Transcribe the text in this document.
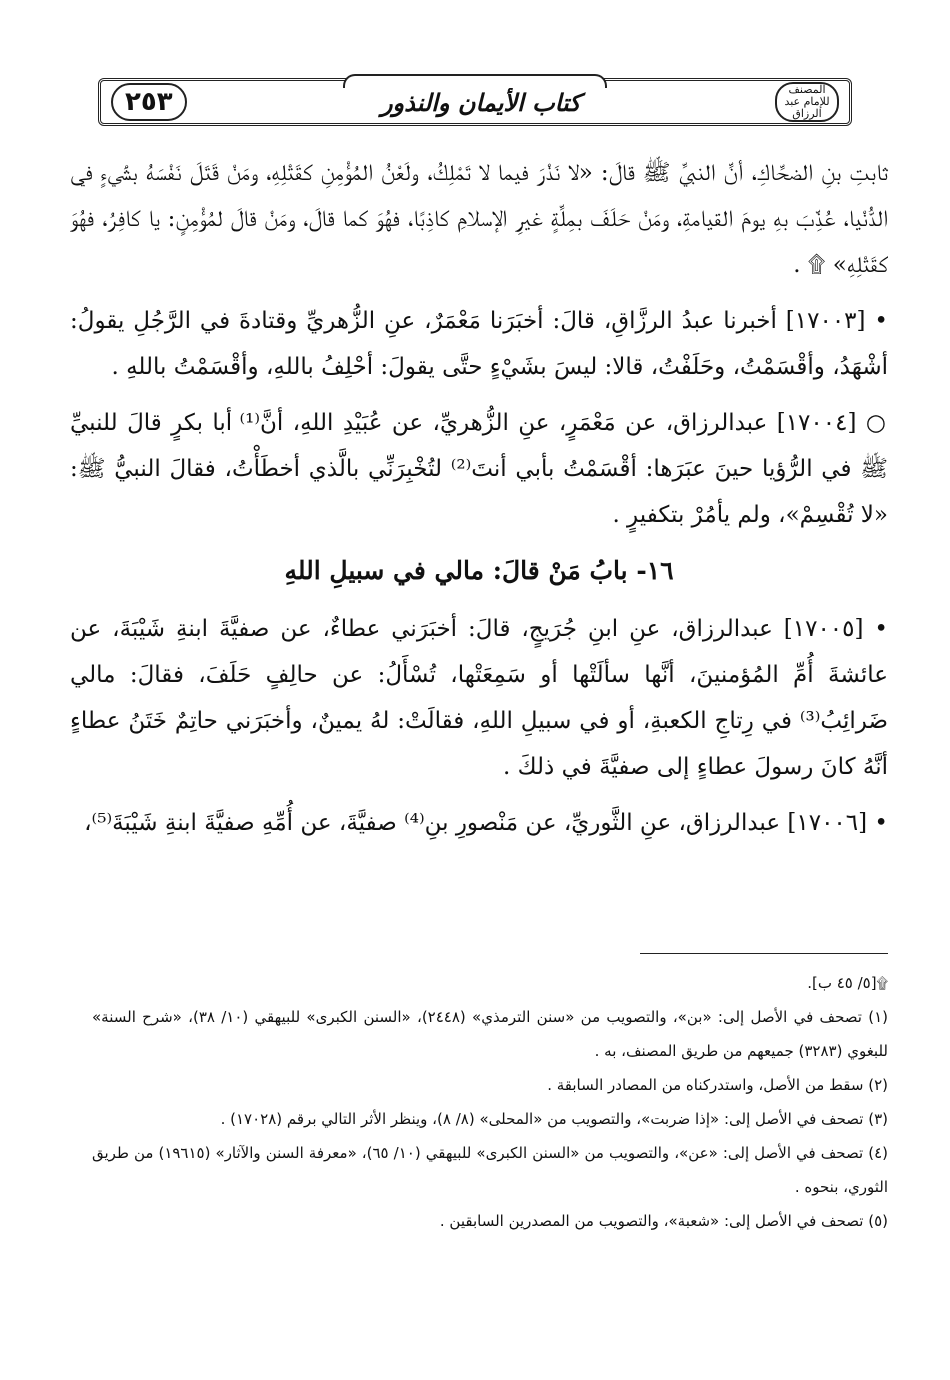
٢٥٣	كتاب الأيمان والنذور	المصنف للإمام عبد الرزاق

ثابتِ بنِ الضحَّاكِ، أنَّ النبيَّ ﷺ قالَ: «لا نَذْرَ فيما لا تَمْلِكُ، ولَعْنُ المُؤْمِنِ كقَتْلِهِ، ومَنْ قَتَلَ نَفْسَهُ بشَيْءٍ في الدُّنْيا، عُذِّبَ بهِ يومَ القيامةِ، ومَنْ حَلَفَ بمِلَّةٍ غيرِ الإسلامِ كاذِبًا، فهُوَ كما قالَ، ومَنْ قالَ لمُؤْمِنٍ: يا كافِرُ، فهُوَ كقَتْلِهِ» ۩ .

• [١٧٠٠٣] أخبرنا عبدُ الرزَّاقِ، قالَ: أخبَرَنا مَعْمَرٌ، عنِ الزُّهريِّ وقتادةَ في الرَّجُلِ يقولُ: أشْهَدُ، وأقْسَمْتُ، وحَلَفْتُ، قالا: ليسَ بشَيْءٍ حتَّى يقولَ: أحْلِفُ باللهِ، وأقْسَمْتُ باللهِ .

○ [١٧٠٠٤] عبدالرزاق، عن مَعْمَرٍ، عنِ الزُّهريِّ، عن عُبَيْدِ اللهِ، أنَّ⁽¹⁾ أبا بكرٍ قالَ للنبيِّ ﷺ في الرُّؤيا حينَ عبَرَها: أقْسَمْتُ بأبي أنتَ⁽²⁾ لتُخْبِرَنِّي بالَّذي أخطَأْتُ، فقالَ النبيُّ ﷺ: «لا تُقْسِمْ»، ولم يأمُرْ بتكفيرٍ .

١٦- بابُ مَنْ قالَ: مالي في سبيلِ اللهِ

• [١٧٠٠٥] عبدالرزاق، عنِ ابنِ جُرَيجٍ، قالَ: أخبَرَني عطاءٌ، عن صفيَّةَ ابنةِ شَيْبَةَ، عن عائشةَ أُمِّ المُؤمنينَ، أنَّها سألَتْها أو سَمِعَتْها، تُسْأَلُ: عن حالِفٍ حَلَفَ، فقالَ: مالي ضَرائِبُ⁽³⁾ في رِتاجِ الكعبةِ، أو في سبيلِ اللهِ، فقالَتْ: لهُ يمينٌ، وأخبَرَني حاتِمٌ خَتَنُ عطاءٍ أنَّهُ كانَ رسولَ عطاءٍ إلى صفيَّةَ في ذلكَ .

• [١٧٠٠٦] عبدالرزاق، عنِ الثَّوريِّ، عن مَنْصورِ بنِ⁽⁴⁾ صفيَّةَ، عن أُمِّهِ صفيَّةَ ابنةِ شَيْبَةَ⁽⁵⁾،

۩[٥/ ٤٥ ب].

(١) تصحف في الأصل إلى: «بن»، والتصويب من «سنن الترمذي» (٢٤٤٨)، «السنن الكبرى» للبيهقي (١٠/ ٣٨)، «شرح السنة» للبغوي (٣٢٨٣) جميعهم من طريق المصنف، به .

(٢) سقط من الأصل، واستدركناه من المصادر السابقة .

(٣) تصحف في الأصل إلى: «إذا ضربت»، والتصويب من «المحلى» (٨/ ٨)، وينظر الأثر التالي برقم (١٧٠٢٨) .

(٤) تصحف في الأصل إلى: «عن»، والتصويب من «السنن الكبرى» للبيهقي (١٠/ ٦٥)، «معرفة السنن والآثار» (١٩٦١٥) من طريق الثوري، بنحوه .

(٥) تصحف في الأصل إلى: «شعبة»، والتصويب من المصدرين السابقين .
